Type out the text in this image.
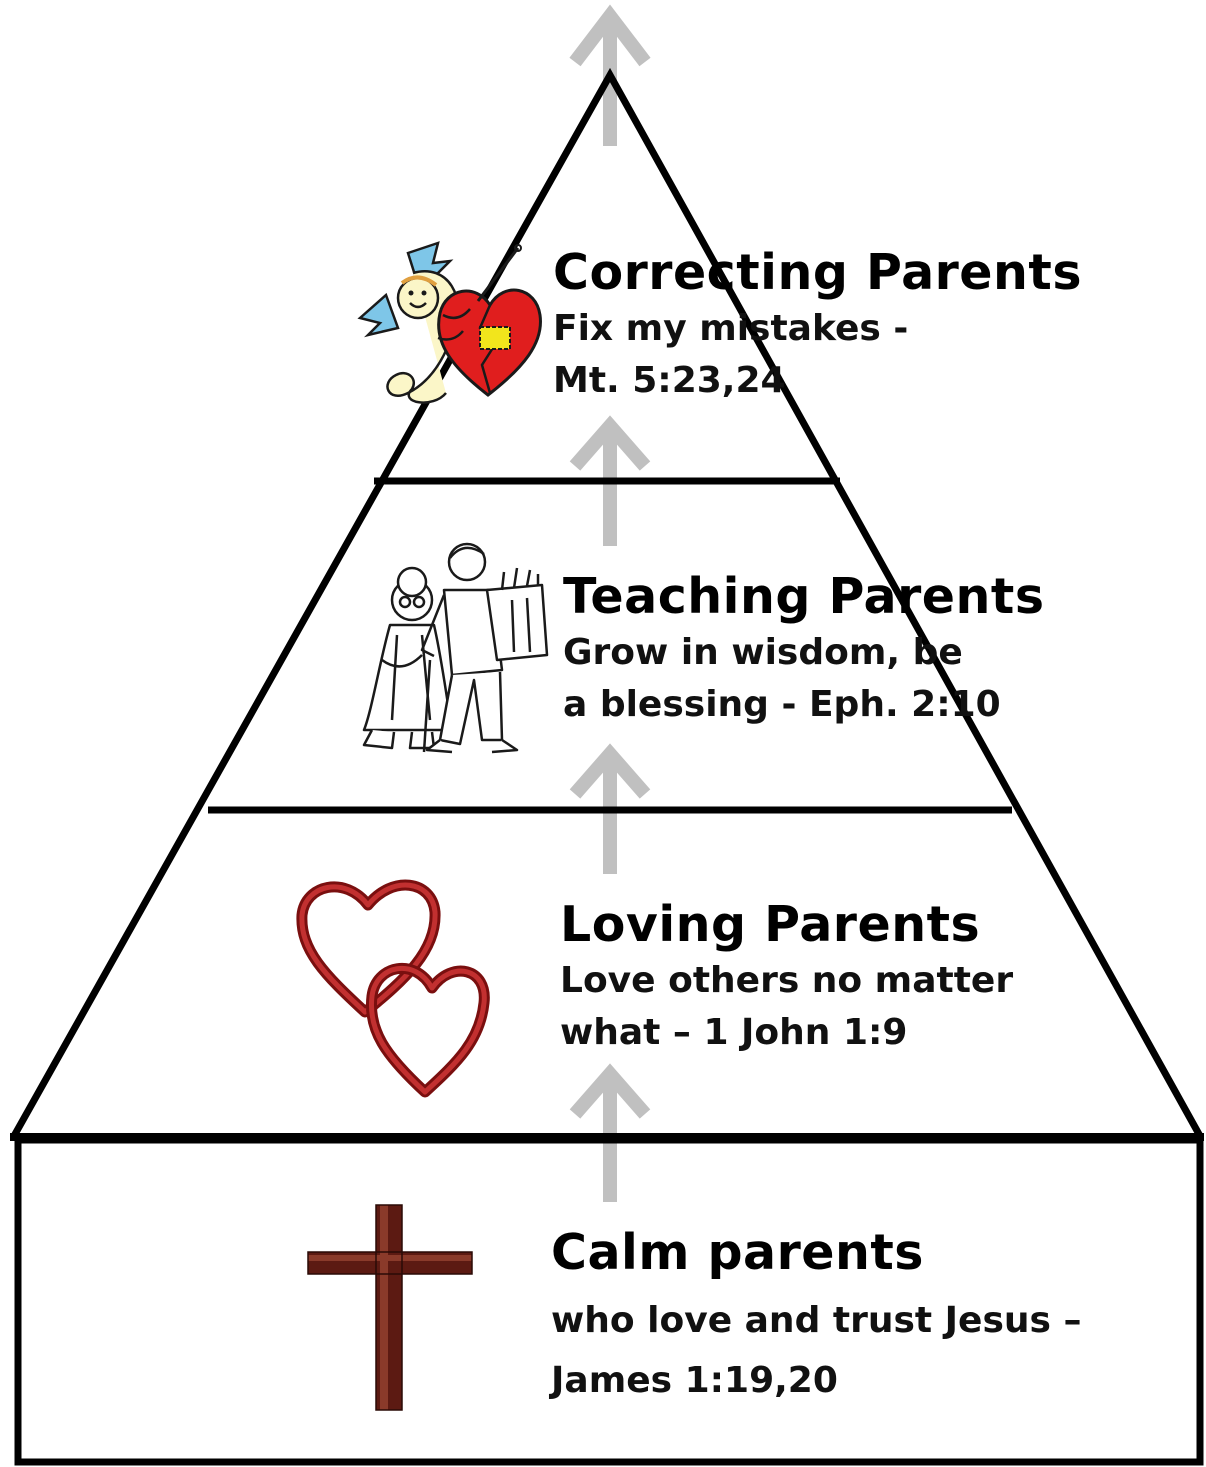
Correcting Parents
Fix my mistakes -
Mt. 5:23,24
Teaching Parents
Grow in wisdom, be
a blessing - Eph. 2:10
Loving Parents
Love others no matter
what – 1 John 1:9
Calm parents
who love and trust Jesus –
James 1:19,20
